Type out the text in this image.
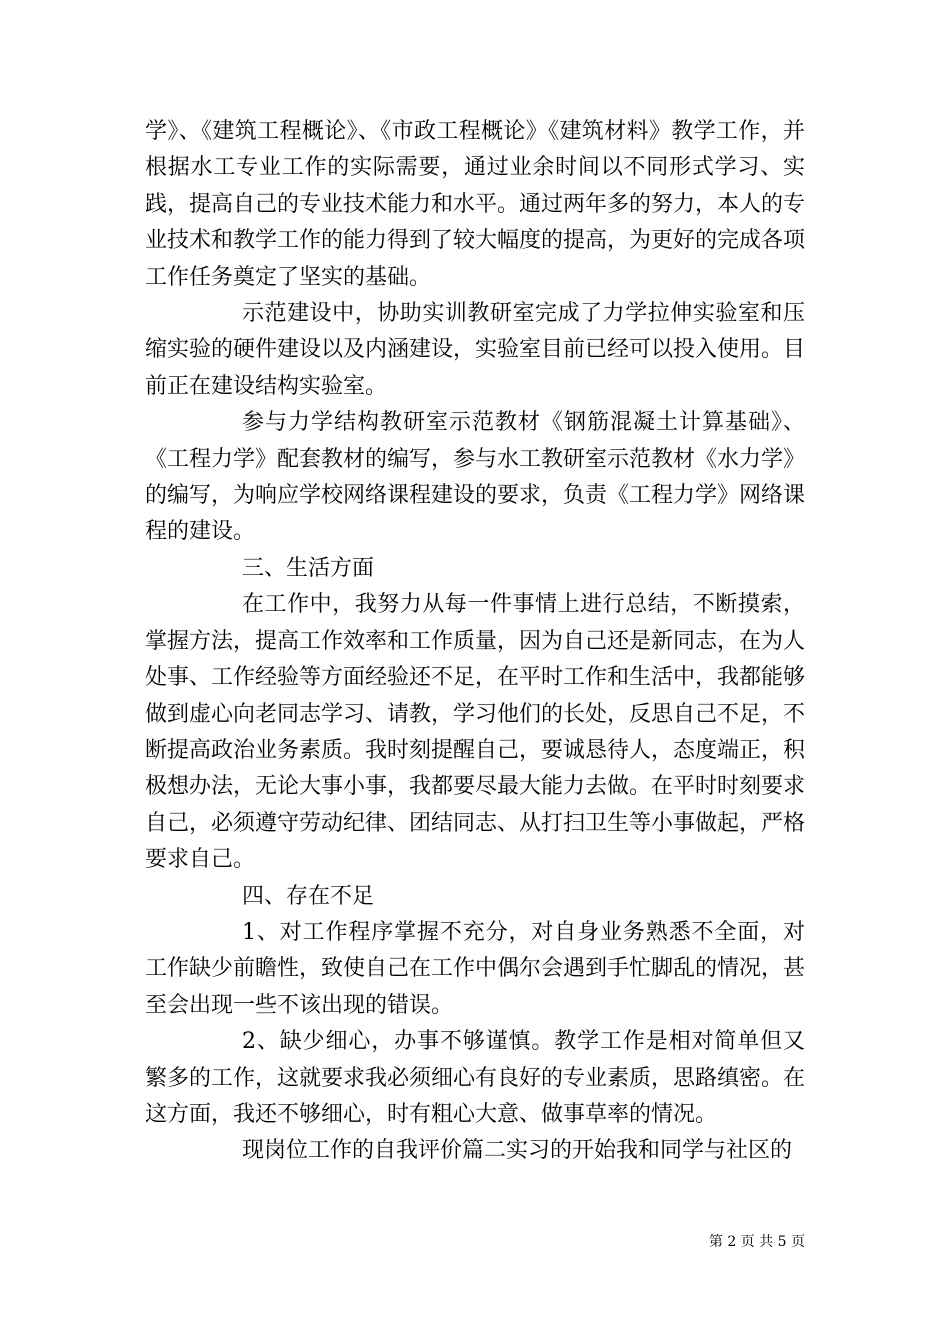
学》、《建筑工程概论》、《市政工程概论》《建筑材料》教学工作，并根据水工专业工作的实际需要，通过业余时间以不同形式学习、实践，提高自己的专业技术能力和水平。通过两年多的努力，本人的专业技术和教学工作的能力得到了较大幅度的提高，为更好的完成各项工作任务奠定了坚实的基础。

示范建设中，协助实训教研室完成了力学拉伸实验室和压缩实验的硬件建设以及内涵建设，实验室目前已经可以投入使用。目前正在建设结构实验室。

参与力学结构教研室示范教材《钢筋混凝土计算基础》、《工程力学》配套教材的编写，参与水工教研室示范教材《水力学》的编写，为响应学校网络课程建设的要求，负责《工程力学》网络课程的建设。

三、生活方面

在工作中，我努力从每一件事情上进行总结，不断摸索，掌握方法，提高工作效率和工作质量，因为自己还是新同志，在为人处事、工作经验等方面经验还不足，在平时工作和生活中，我都能够做到虚心向老同志学习、请教，学习他们的长处，反思自己不足，不断提高政治业务素质。我时刻提醒自己，要诚恳待人，态度端正，积极想办法，无论大事小事，我都要尽最大能力去做。在平时时刻要求自己，必须遵守劳动纪律、团结同志、从打扫卫生等小事做起，严格要求自己。

四、存在不足

1、对工作程序掌握不充分，对自身业务熟悉不全面，对工作缺少前瞻性，致使自己在工作中偶尔会遇到手忙脚乱的情况，甚至会出现一些不该出现的错误。

2、缺少细心，办事不够谨慎。教学工作是相对简单但又繁多的工作，这就要求我必须细心有良好的专业素质，思路缜密。在这方面，我还不够细心，时有粗心大意、做事草率的情况。

现岗位工作的自我评价篇二实习的开始我和同学与社区的

第 2 页 共 5 页
